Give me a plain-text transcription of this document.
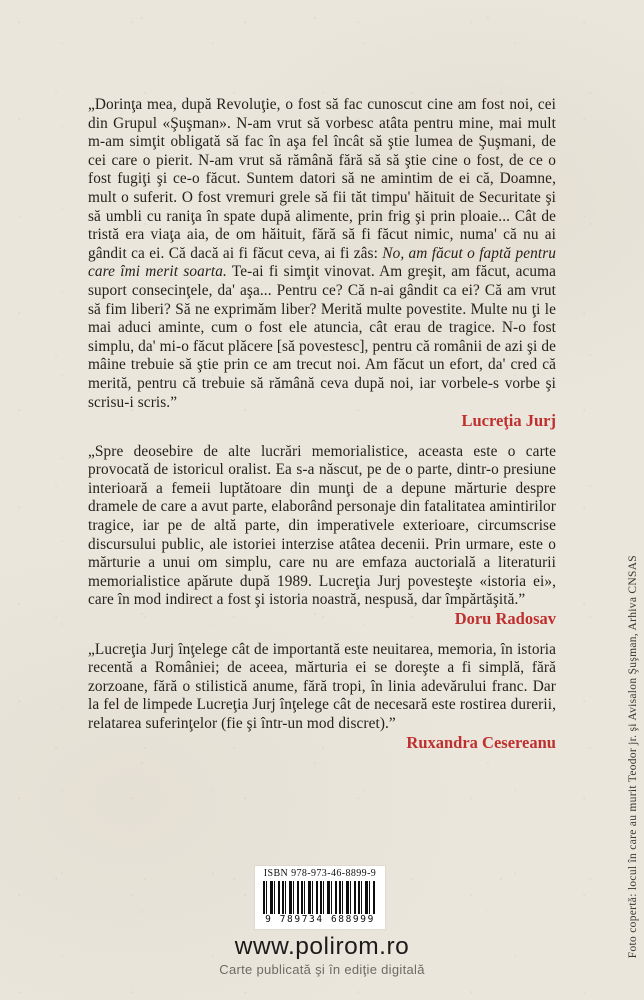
„Dorinţa mea, după Revoluţie, o fost să fac cunoscut cine am fost noi, cei din Grupul «Şuşman». N-am vrut să vorbesc atâta pentru mine, mai mult m-am simţit obligată să fac în aşa fel încât să ştie lumea de Şuşmani, de cei care o pierit. N-am vrut să rămână fără să să ştie cine o fost, de ce o fost fugiţi şi ce-o făcut. Suntem datori să ne amintim de ei că, Doamne, mult o suferit. O fost vremuri grele să fii tăt timpu' hăituit de Securitate şi să umbli cu raniţa în spate după alimente, prin frig şi prin ploaie... Cât de tristă era viaţa aia, de om hăituit, fără să fi făcut nimic, numa' că nu ai gândit ca ei. Că dacă ai fi făcut ceva, ai fi zâs: No, am făcut o faptă pentru care îmi merit soarta. Te-ai fi simţit vinovat. Am greşit, am făcut, acuma suport consecinţele, da' aşa... Pentru ce? Că n-ai gândit ca ei? Că am vrut să fim liberi? Să ne exprimăm liber? Merită multe povestite. Multe nu ţi le mai aduci aminte, cum o fost ele atuncia, cât erau de tragice. N-o fost simplu, da' mi-o făcut plăcere [să povestesc], pentru că românii de azi şi de mâine trebuie să ştie prin ce am trecut noi. Am făcut un efort, da' cred că merită, pentru că trebuie să rămână ceva după noi, iar vorbele-s vorbe şi scrisu-i scris.”

Lucreţia Jurj

„Spre deosebire de alte lucrări memorialistice, aceasta este o carte provocată de istoricul oralist. Ea s-a născut, pe de o parte, dintr-o presiune interioară a femeii luptătoare din munţi de a depune mărturie despre dramele de care a avut parte, elaborând personaje din fatalitatea amintirilor tragice, iar pe de altă parte, din imperativele exterioare, circumscrise discursului public, ale istoriei interzise atâtea decenii. Prin urmare, este o mărturie a unui om simplu, care nu are emfaza auctorială a literaturii memorialistice apărute după 1989. Lucreţia Jurj povesteşte «istoria ei», care în mod indirect a fost şi istoria noastră, nespusă, dar împărtăşită.”

Doru Radosav

„Lucreţia Jurj înţelege cât de importantă este neuitarea, memoria, în istoria recentă a României; de aceea, mărturia ei se doreşte a fi simplă, fără zorzoane, fără o stilistică anume, fără tropi, în linia adevărului franc. Dar la fel de limpede Lucreţia Jurj înţelege cât de necesară este rostirea durerii, relatarea suferinţelor (fie şi într-un mod discret).”

Ruxandra Cesereanu
ISBN 978-973-46-8899-9
9 789734 688999
www.polirom.ro
Carte publicată şi în ediţie digitală
Foto copertă: locul în care au murit Teodor jr. şi Avisalon Şuşman, Arhiva CNSAS
